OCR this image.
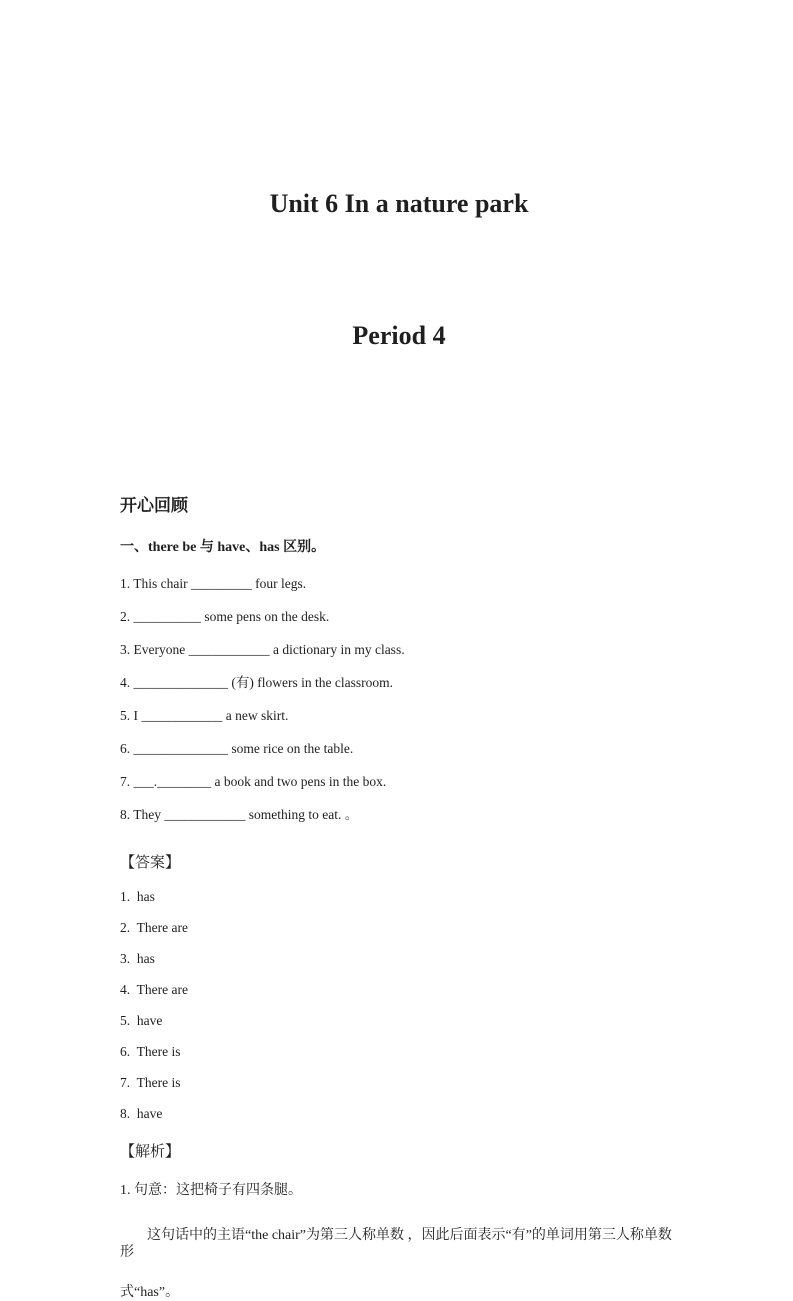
Unit 6 In a nature park

Period 4

开心回顾
一、there be 与 have、has 区别。
1. This chair _________ four legs.
2. __________ some pens on the desk.
3. Everyone ____________ a dictionary in my class.
4. ______________ (有) flowers in the classroom.
5. I ____________ a new skirt.
6. ______________ some rice on the table.
7. ___.________ a book and two pens in the box.
8. They ____________ something to eat. 。
【答案】
1.  has
2.  There are
3.  has
4.  There are
5.  have
6.  There is
7.  There is
8.  have
【解析】
1. 句意：这把椅子有四条腿。
这句话中的主语“the chair”为第三人称单数 ，因此后面表示“有”的单词用第三人称单数形
式“has”。
